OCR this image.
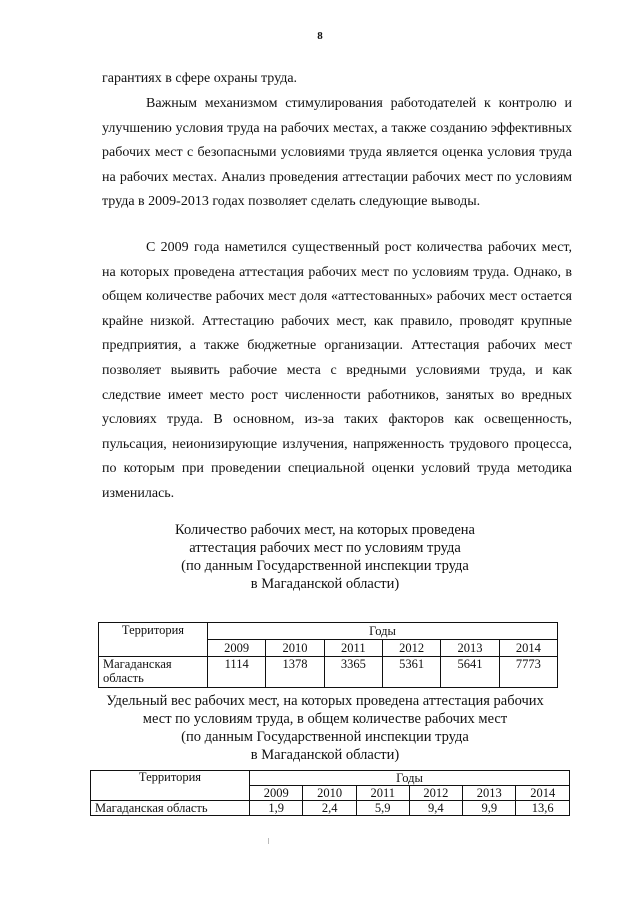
8

гарантиях в сфере охраны труда.

Важным механизмом стимулирования работодателей к контролю и улучшению условия труда на рабочих местах, а также созданию эффективных рабочих мест с безопасными условиями труда является оценка условия труда на рабочих местах. Анализ проведения аттестации рабочих мест по условиям труда в 2009-2013 годах позволяет сделать следующие выводы.

С 2009 года наметился существенный рост количества рабочих мест, на которых проведена аттестация рабочих мест по условиям труда. Однако, в общем количестве рабочих мест доля «аттестованных» рабочих мест остается крайне низкой. Аттестацию рабочих мест, как правило, проводят крупные предприятия, а также бюджетные организации. Аттестация рабочих мест позволяет выявить рабочие места с вредными условиями труда, и как следствие имеет место рост численности работников, занятых во вредных условиях труда. В основном, из-за таких факторов как освещенность, пульсация, неионизирующие излучения, напряженность трудового процесса, по которым при проведении специальной оценки условий труда методика изменилась.

Количество рабочих мест, на которых проведена
аттестация рабочих мест по условиям труда
(по данным Государственной инспекции труда
в Магаданской области)
Территория	Годы					
	2009	2010	2011	2012	2013	2014
Магаданская область	1114	1378	3365	5361	5641	7773
Удельный вес рабочих мест, на которых проведена аттестация рабочих
мест по условиям труда, в общем количестве рабочих мест
(по данным Государственной инспекции труда
в Магаданской области)
Территория	Годы					
	2009	2010	2011	2012	2013	2014
Магаданская область	1,9	2,4	5,9	9,4	9,9	13,6
